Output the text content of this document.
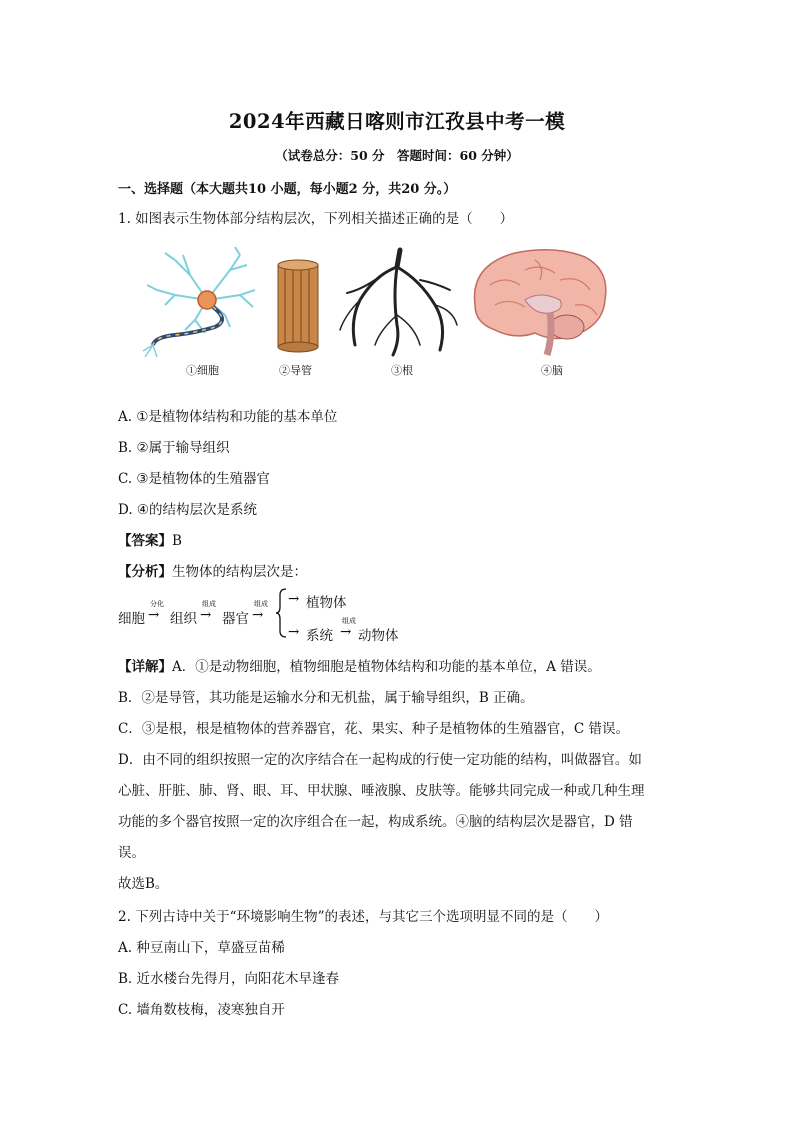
2024年西藏日喀则市江孜县中考一模
（试卷总分：50 分　答题时间：60 分钟）
一、选择题（本大题共10 小题，每小题2 分，共20 分。）
1. 如图表示生物体部分结构层次，下列相关描述正确的是（　　）
①细胞	②导管	③根	④脑
A. ①是植物体结构和功能的基本单位
B. ②属于输导组织
C. ③是植物体的生殖器官
D. ④的结构层次是系统
【答案】B
【分析】生物体的结构层次是：
细胞
分化
→ 组织
组成
→ 器官
组成
→
→ 植物体
→ 系统
组成
→ 动物体
【详解】A．①是动物细胞，植物细胞是植物体结构和功能的基本单位，A 错误。
B．②是导管，其功能是运输水分和无机盐，属于输导组织，B 正确。
C．③是根，根是植物体的营养器官，花、果实、种子是植物体的生殖器官，C 错误。
D．由不同的组织按照一定的次序结合在一起构成的行使一定功能的结构，叫做器官。如
心脏、肝脏、肺、肾、眼、耳、甲状腺、唾液腺、皮肤等。能够共同完成一种或几种生理
功能的多个器官按照一定的次序组合在一起，构成系统。④脑的结构层次是器官，D 错
误。
故选B。
2. 下列古诗中关于“环境影响生物”的表述，与其它三个选项明显不同的是（　　）
A. 种豆南山下，草盛豆苗稀
B. 近水楼台先得月，向阳花木早逢春
C. 墙角数枝梅，凌寒独自开
